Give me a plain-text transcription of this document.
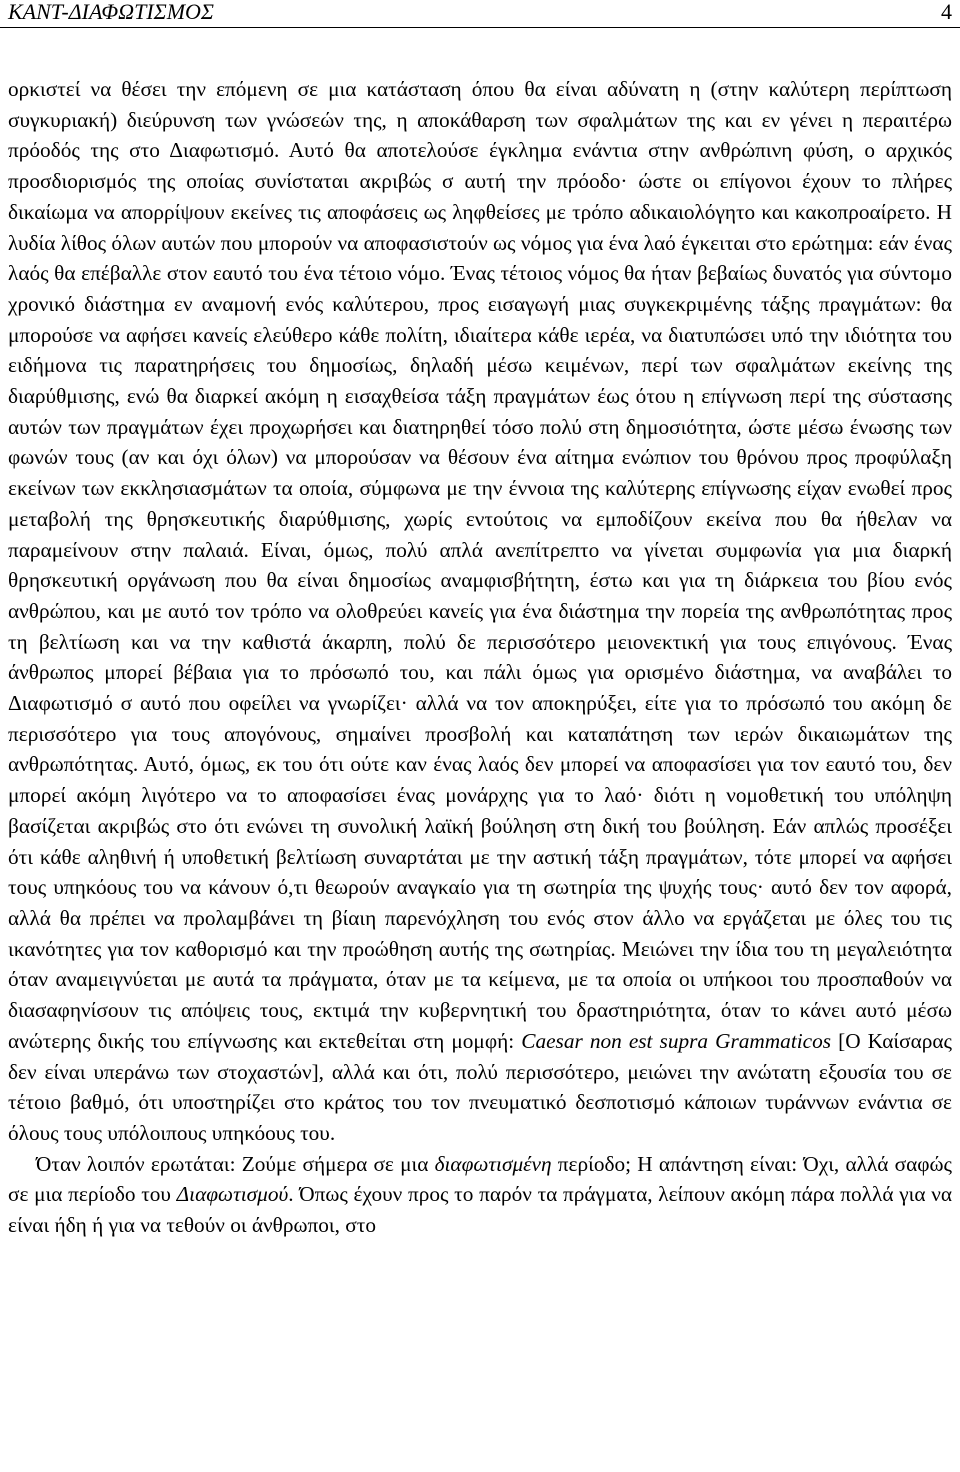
ΚΑΝΤ-ΔΙΑΦΩΤΙΣΜΟΣ	4

ορκιστεί να θέσει την επόμενη σε μια κατάσταση όπου θα είναι αδύνατη η (στην καλύτερη περίπτωση συγκυριακή) διεύρυνση των γνώσεών της, η αποκάθαρση των σφαλμάτων της και εν γένει η περαιτέρω πρόοδός της στο Διαφωτισμό. Αυτό θα αποτελούσε έγκλημα ενάντια στην ανθρώπινη φύση, ο αρχικός προσδιορισμός της οποίας συνίσταται ακριβώς σ αυτή την πρόοδο· ώστε οι επίγονοι έχουν το πλήρες δικαίωμα να απορρίψουν εκείνες τις αποφάσεις ως ληφθείσες με τρόπο αδικαιολόγητο και κακοπροαίρετο. Η λυδία λίθος όλων αυτών που μπορούν να αποφασιστούν ως νόμος για ένα λαό έγκειται στο ερώτημα: εάν ένας λαός θα επέβαλλε στον εαυτό του ένα τέτοιο νόμο. Ένας τέτοιος νόμος θα ήταν βεβαίως δυνατός για σύντομο χρονικό διάστημα εν αναμονή ενός καλύτερου, προς εισαγωγή μιας συγκεκριμένης τάξης πραγμάτων: θα μπορούσε να αφήσει κανείς ελεύθερο κάθε πολίτη, ιδιαίτερα κάθε ιερέα, να διατυπώσει υπό την ιδιότητα του ειδήμονα τις παρατηρήσεις του δημοσίως, δηλαδή μέσω κειμένων, περί των σφαλμάτων εκείνης της διαρύθμισης, ενώ θα διαρκεί ακόμη η εισαχθείσα τάξη πραγμάτων έως ότου η επίγνωση περί της σύστασης αυτών των πραγμάτων έχει προχωρήσει και διατηρηθεί τόσο πολύ στη δημοσιότητα, ώστε μέσω ένωσης των φωνών τους (αν και όχι όλων) να μπορούσαν να θέσουν ένα αίτημα ενώπιον του θρόνου προς προφύλαξη εκείνων των εκκλησιασμάτων τα οποία, σύμφωνα με την έννοια της καλύτερης επίγνωσης είχαν ενωθεί προς μεταβολή της θρησκευτικής διαρύθμισης, χωρίς εντούτοις να εμποδίζουν εκείνα που θα ήθελαν να παραμείνουν στην παλαιά. Είναι, όμως, πολύ απλά ανεπίτρεπτο να γίνεται συμφωνία για μια διαρκή θρησκευτική οργάνωση που θα είναι δημοσίως αναμφισβήτητη, έστω και για τη διάρκεια του βίου ενός ανθρώπου, και με αυτό τον τρόπο να ολοθρεύει κανείς για ένα διάστημα την πορεία της ανθρωπότητας προς τη βελτίωση και να την καθιστά άκαρπη, πολύ δε περισσότερο μειονεκτική για τους επιγόνους. Ένας άνθρωπος μπορεί βέβαια για το πρόσωπό του, και πάλι όμως για ορισμένο διάστημα, να αναβάλει το Διαφωτισμό σ αυτό που οφείλει να γνωρίζει· αλλά να τον αποκηρύξει, είτε για το πρόσωπό του ακόμη δε περισσότερο για τους απογόνους, σημαίνει προσβολή και καταπάτηση των ιερών δικαιωμάτων της ανθρωπότητας. Αυτό, όμως, εκ του ότι ούτε καν ένας λαός δεν μπορεί να αποφασίσει για τον εαυτό του, δεν μπορεί ακόμη λιγότερο να το αποφασίσει ένας μονάρχης για το λαό· διότι η νομοθετική του υπόληψη βασίζεται ακριβώς στο ότι ενώνει τη συνολική λαϊκή βούληση στη δική του βούληση. Εάν απλώς προσέξει ότι κάθε αληθινή ή υποθετική βελτίωση συναρτάται με την αστική τάξη πραγμάτων, τότε μπορεί να αφήσει τους υπηκόους του να κάνουν ό,τι θεωρούν αναγκαίο για τη σωτηρία της ψυχής τους· αυτό δεν τον αφορά, αλλά θα πρέπει να προλαμβάνει τη βίαιη παρενόχληση του ενός στον άλλο να εργάζεται με όλες του τις ικανότητες για τον καθορισμό και την προώθηση αυτής της σωτηρίας. Μειώνει την ίδια του τη μεγαλειότητα όταν αναμειγνύεται με αυτά τα πράγματα, όταν με τα κείμενα, με τα οποία οι υπήκοοι του προσπαθούν να διασαφηνίσουν τις απόψεις τους, εκτιμά την κυβερνητική του δραστηριότητα, όταν το κάνει αυτό μέσω ανώτερης δικής του επίγνωσης και εκτεθείται στη μομφή: Caesar non est supra Grammaticos [Ο Καίσαρας δεν είναι υπεράνω των στοχαστών], αλλά και ότι, πολύ περισσότερο, μειώνει την ανώτατη εξουσία του σε τέτοιο βαθμό, ότι υποστηρίζει στο κράτος του τον πνευματικό δεσποτισμό κάποιων τυράννων ενάντια σε όλους τους υπόλοιπους υπηκόους του.

Όταν λοιπόν ερωτάται: Ζούμε σήμερα σε μια διαφωτισμένη περίοδο; Η απάντηση είναι: Όχι, αλλά σαφώς σε μια περίοδο του Διαφωτισμού. Όπως έχουν προς το παρόν τα πράγματα, λείπουν ακόμη πάρα πολλά για να είναι ήδη ή για να τεθούν οι άνθρωποι, στο
